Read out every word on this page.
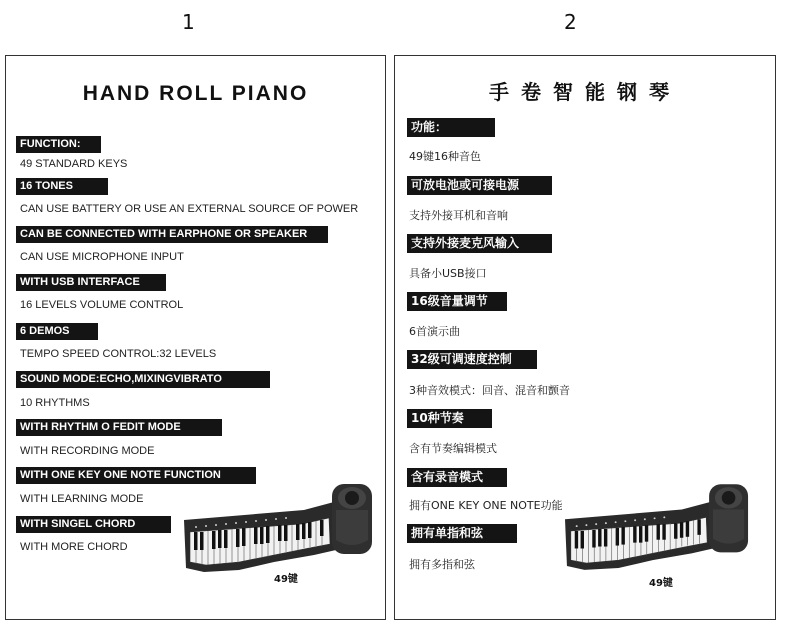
1	2
HAND ROLL PIANO
FUNCTION:
49 STANDARD KEYS
16 TONES
CAN USE BATTERY OR USE AN EXTERNAL SOURCE OF POWER
CAN BE CONNECTED WITH EARPHONE OR SPEAKER
CAN USE MICROPHONE INPUT
WITH USB INTERFACE
16 LEVELS VOLUME CONTROL
6 DEMOS
TEMPO SPEED CONTROL:32 LEVELS
SOUND MODE:ECHO,MIXINGVIBRATO
10 RHYTHMS
WITH RHYTHM O FEDIT MODE
WITH RECORDING MODE
WITH ONE KEY ONE NOTE FUNCTION
WITH LEARNING MODE
WITH SINGEL CHORD
WITH MORE CHORD
49键
手卷智能钢琴
功能：
49键16种音色
可放电池或可接电源
支持外接耳机和音响
支持外接麦克风输入
具备小USB接口
16级音量调节
6首演示曲
32级可调速度控制
3种音效模式：回音、混音和颤音
10种节奏
含有节奏编辑模式
含有录音模式
拥有ONE KEY ONE NOTE功能
拥有单指和弦
拥有多指和弦
49键
